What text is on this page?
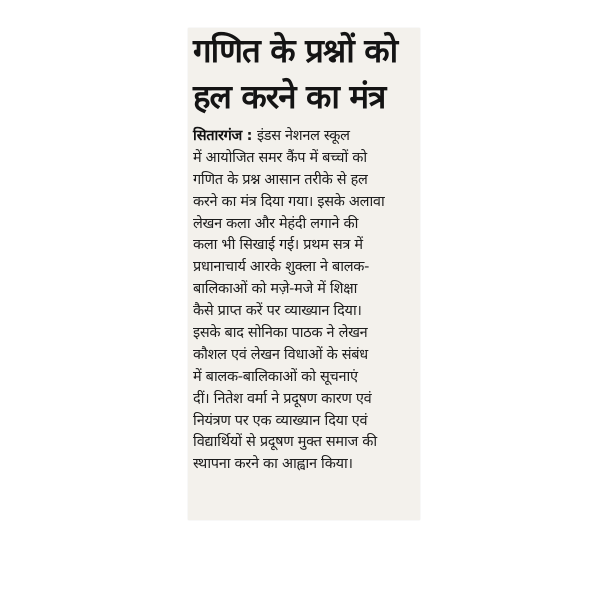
गणित के प्रश्नों को
हल करने का मंत्र
सितारगंज : इंडस नेशनल स्कूल
में आयोजित समर कैंप में बच्चों को
गणित के प्रश्न आसान तरीके से हल
करने का मंत्र दिया गया। इसके अलावा
लेखन कला और मेहंदी लगाने की
कला भी सिखाई गई। प्रथम सत्र में
प्रधानाचार्य आरके शुक्ला ने बालक-
बालिकाओं को मज़े-मजे में शिक्षा
कैसे प्राप्त करें पर व्याख्यान दिया।
इसके बाद सोनिका पाठक ने लेखन
कौशल एवं लेखन विधाओं के संबंध
में बालक-बालिकाओं को सूचनाएं
दीं। नितेश वर्मा ने प्रदूषण कारण एवं
नियंत्रण पर एक व्याख्यान दिया एवं
विद्यार्थियों से प्रदूषण मुक्त समाज की
स्थापना करने का आह्वान किया।
